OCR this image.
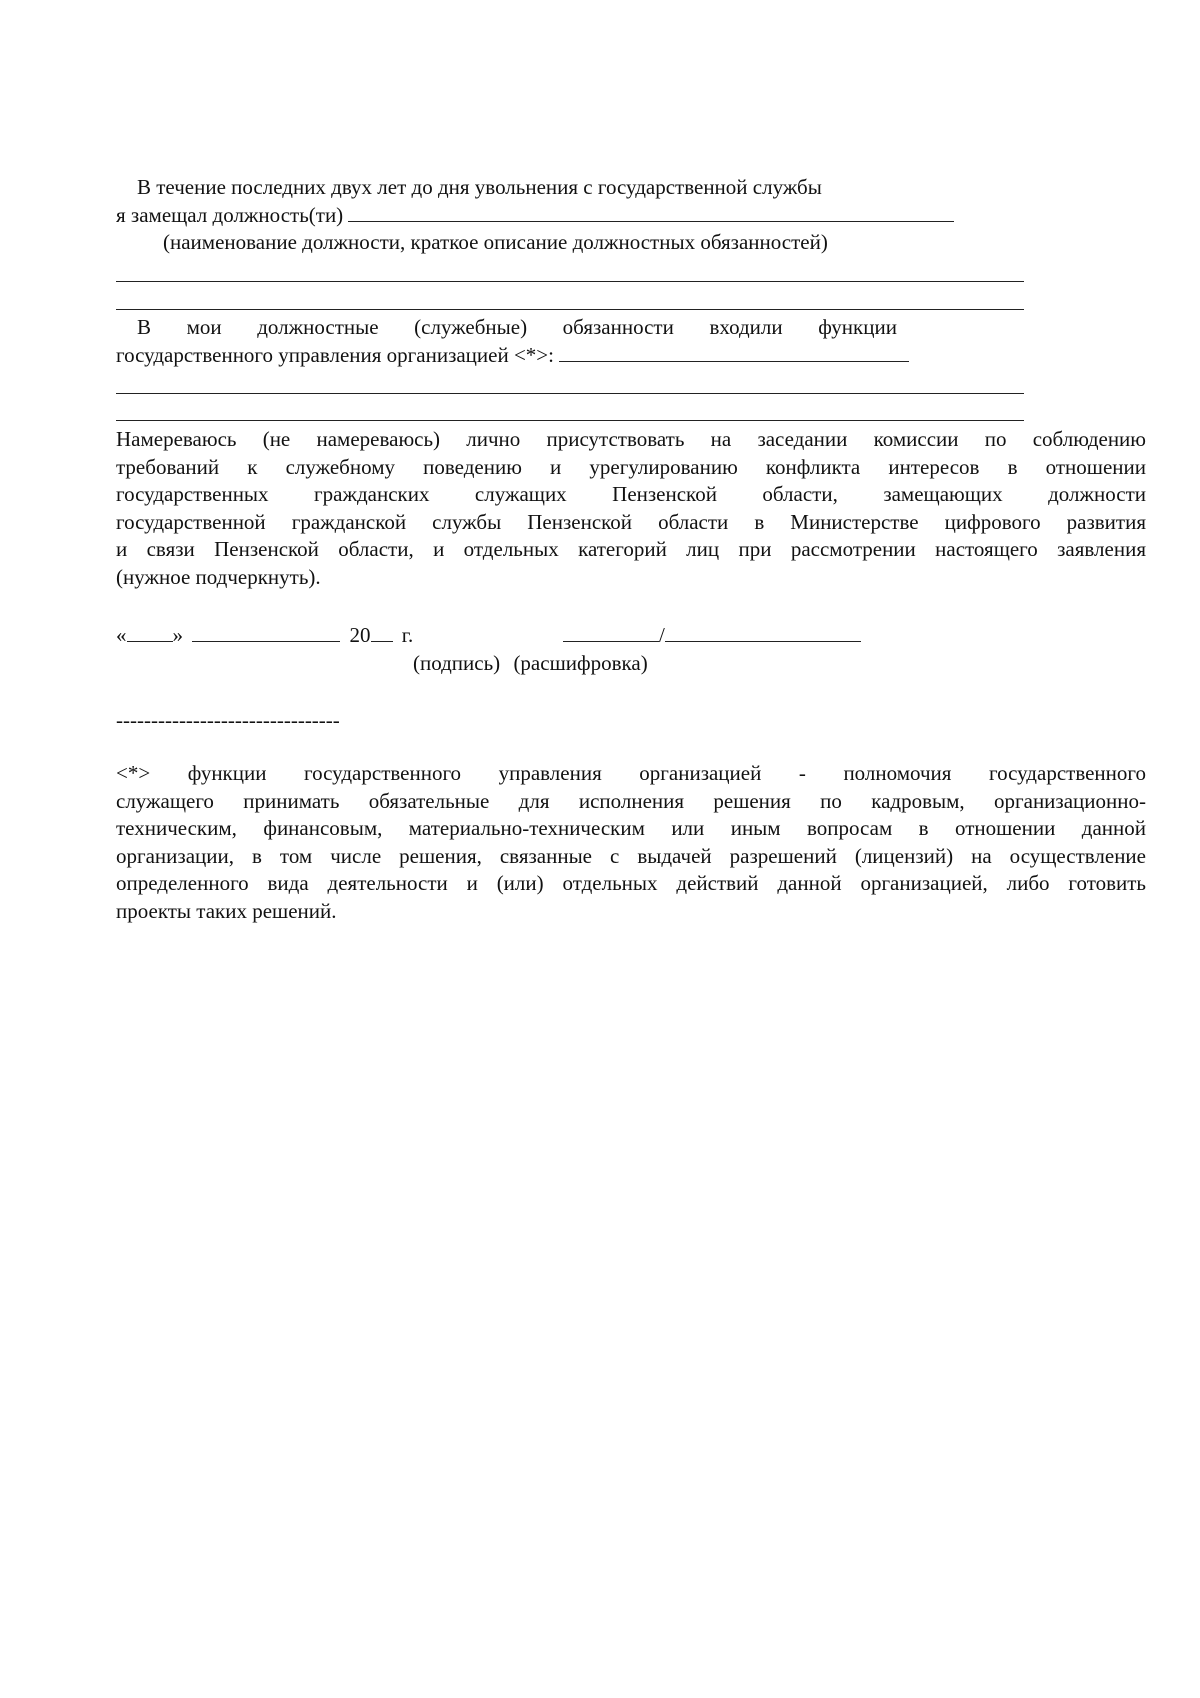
В течение последних двух лет до дня увольнения с государственной службы
я замещал должность(ти)
(наименование должности, краткое описание должностных обязанностей)
В мои должностные (служебные) обязанности входили функции
государственного управления организацией <*>:
Намереваюсь (не намереваюсь) лично присутствовать на заседании комиссии по соблюдению
требований к служебному поведению и урегулированию конфликта интересов в отношении
государственных гражданских служащих Пензенской области, замещающих должности
государственной гражданской службы Пензенской области в Министерстве цифрового развития
и связи Пензенской области, и отдельных категорий лиц при рассмотрении настоящего заявления
(нужное подчеркнуть).
« »	20 г.	/
(подпись) (расшифровка)
--------------------------------
<*> функции государственного управления организацией - полномочия государственного
служащего принимать обязательные для исполнения решения по кадровым, организационно-
техническим, финансовым, материально-техническим или иным вопросам в отношении данной
организации, в том числе решения, связанные с выдачей разрешений (лицензий) на осуществление
определенного вида деятельности и (или) отдельных действий данной организацией, либо готовить
проекты таких решений.
